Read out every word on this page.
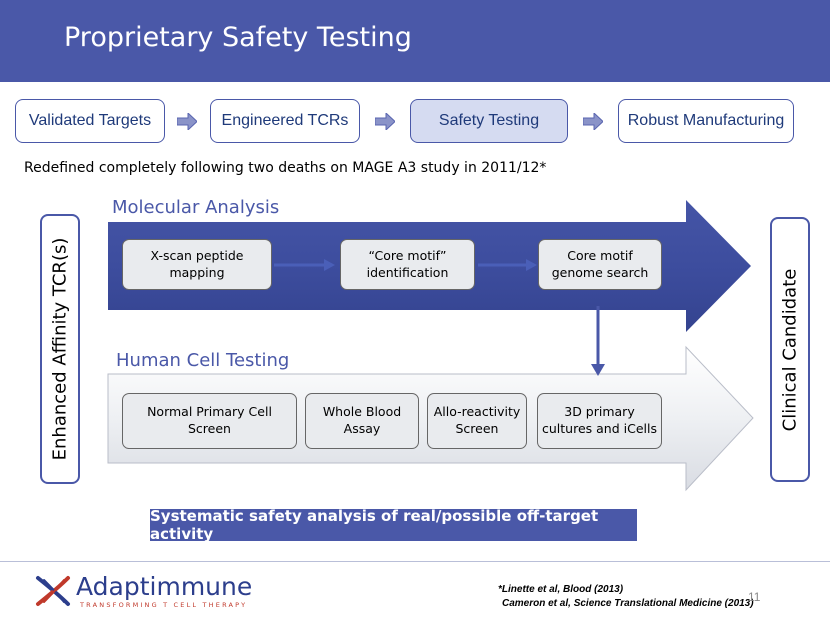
Proprietary Safety Testing
Validated Targets	Engineered TCRs	Safety Testing	Robust Manufacturing
Redefined completely following two deaths on MAGE A3 study in 2011/12*
Molecular Analysis
Human Cell Testing
Enhanced Affinity TCR(s)	Clinical Candidate
X-scan peptide mapping
“Core motif” identification
Core motif genome search
Normal Primary Cell Screen
Whole Blood Assay
Allo-reactivity Screen
3D primary cultures and iCells
Systematic safety analysis of real/possible off-target activity
Adaptimmune
TRANSFORMING T CELL THERAPY
*Linette et al, Blood (2013)
Cameron et al, Science Translational Medicine (2013)
11
